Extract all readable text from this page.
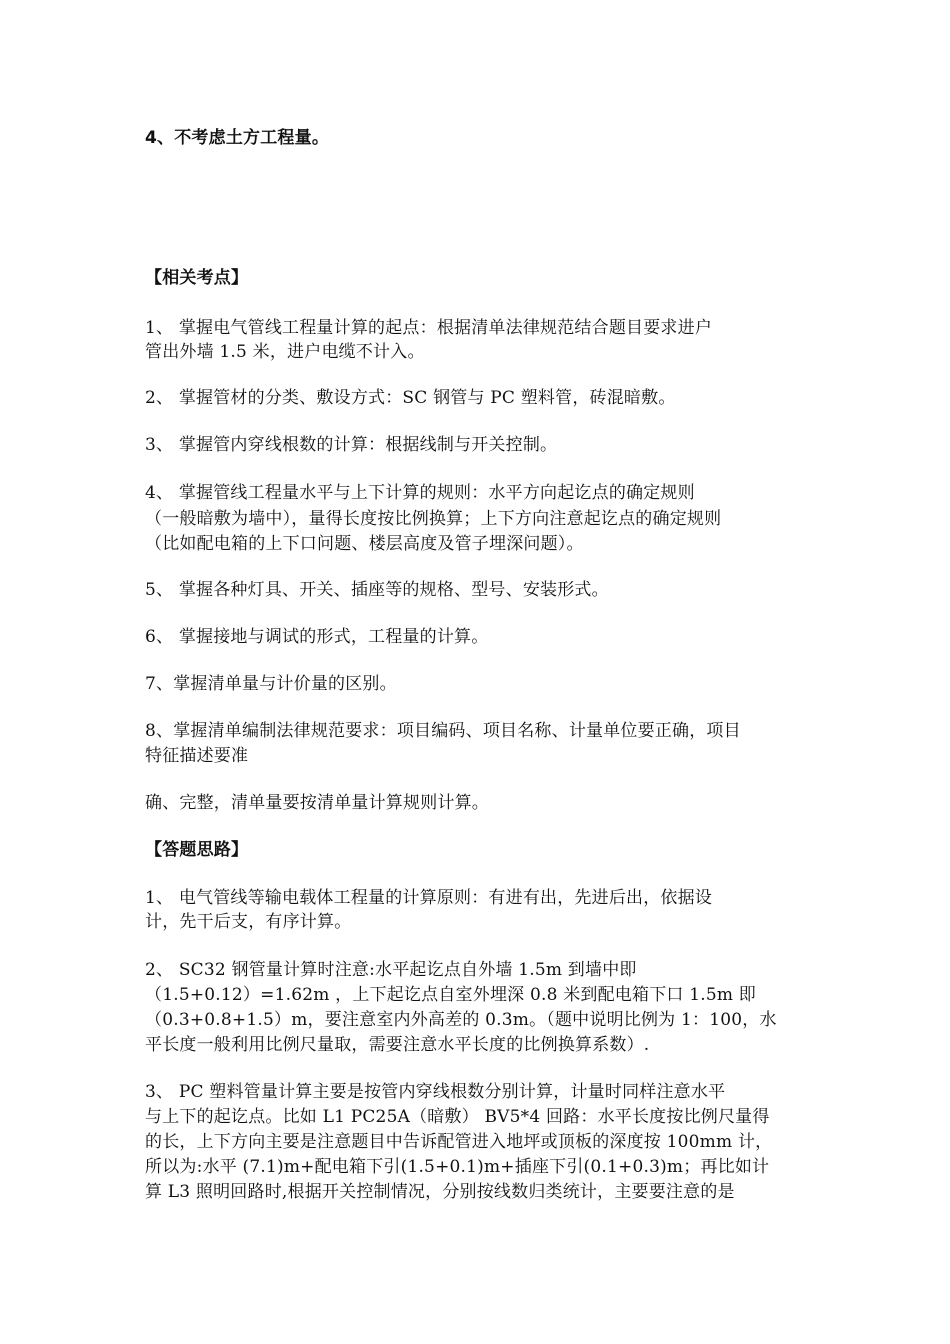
4、不考虑土方工程量。
【相关考点】
1、 掌握电气管线工程量计算的起点：根据清单法律规范结合题目要求进户
管出外墙 1.5 米，进户电缆不计入。
2、 掌握管材的分类、敷设方式：SC 钢管与 PC 塑料管，砖混暗敷。
3、 掌握管内穿线根数的计算：根据线制与开关控制。
4、 掌握管线工程量水平与上下计算的规则：水平方向起讫点的确定规则
（一般暗敷为墙中），量得长度按比例换算；上下方向注意起讫点的确定规则
（比如配电箱的上下口问题、楼层高度及管子埋深问题）。
5、 掌握各种灯具、开关、插座等的规格、型号、安装形式。
6、 掌握接地与调试的形式，工程量的计算。
7、掌握清单量与计价量的区别。
8、掌握清单编制法律规范要求：项目编码、项目名称、计量单位要正确，项目
特征描述要准
确、完整，清单量要按清单量计算规则计算。
【答题思路】
1、 电气管线等输电载体工程量的计算原则：有进有出，先进后出，依据设
计，先干后支，有序计算。
2、 SC32 钢管量计算时注意:水平起讫点自外墙 1.5m 到墙中即
（1.5+0.12）=1.62m ，上下起讫点自室外埋深 0.8 米到配电箱下口 1.5m 即
（0.3+0.8+1.5）m，要注意室内外高差的 0.3m。（题中说明比例为 1：100，水
平长度一般利用比例尺量取，需要注意水平长度的比例换算系数）.
3、 PC 塑料管量计算主要是按管内穿线根数分别计算，计量时同样注意水平
与上下的起讫点。比如 L1 PC25A（暗敷） BV5*4 回路：水平长度按比例尺量得
的长，上下方向主要是注意题目中告诉配管进入地坪或顶板的深度按 100mm 计，
所以为:水平 (7.1)m+配电箱下引(1.5+0.1)m+插座下引(0.1+0.3)m；再比如计
算 L3 照明回路时,根据开关控制情况，分别按线数归类统计，主要要注意的是
